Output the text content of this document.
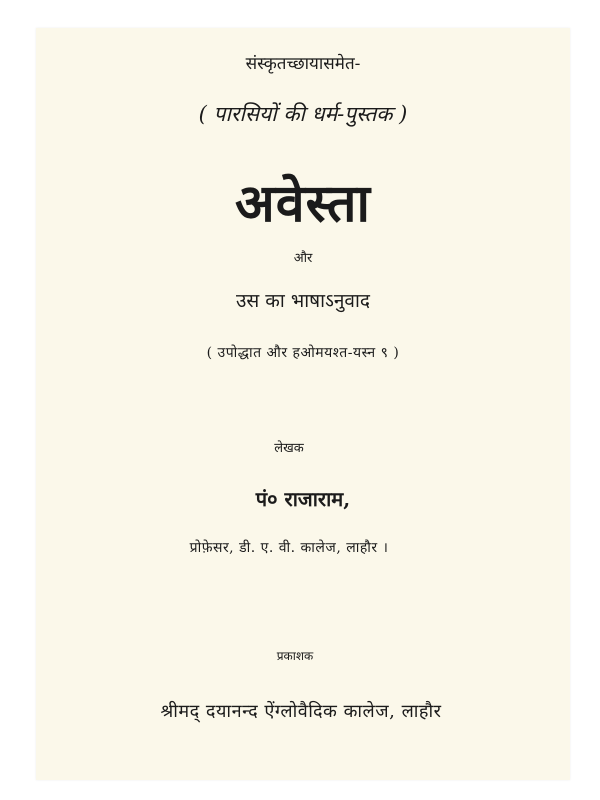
संस्कृतच्छायासमेत-
( पारसियों की धर्म-पुस्तक )
अवेस्ता
और
उस का भाषाऽनुवाद
( उपोद्धात और हओमयश्त-यस्न ९ )
लेखक
पं० राजाराम,
प्रोफ़ेसर, डी. ए. वी. कालेज, लाहौर ।
प्रकाशक
श्रीमद् दयानन्द ऐंग्लोवैदिक कालेज, लाहौर
